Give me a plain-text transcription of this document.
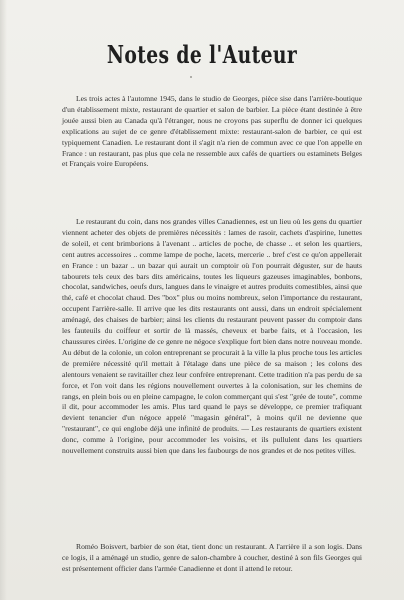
Notes de l'Auteur

Les trois actes à l'automne 1945, dans le studio de Georges, pièce sise dans l'arrière-boutique d'un établissement mixte, restaurant de quartier et salon de barbier. La pièce étant destinée à être jouée aussi bien au Canada qu'à l'étranger, nous ne croyons pas superflu de donner ici quelques explications au sujet de ce genre d'établissement mixte: restaurant-salon de barbier, ce qui est typiquement Canadien. Le restaurant dont il s'agit n'a rien de commun avec ce que l'on appelle en France : un restaurant, pas plus que cela ne ressemble aux cafés de quartiers ou estaminets Belges et Français voire Européens.

Le restaurant du coin, dans nos grandes villes Canadiennes, est un lieu où les gens du quartier viennent acheter des objets de premières nécessités : lames de rasoir, cachets d'aspirine, lunettes de soleil, et cent brimborions à l'avenant .. articles de poche, de chasse .. et selon les quartiers, cent autres accessoires .. comme lampe de poche, lacets, mercerie .. bref c'est ce qu'on appellerait en France : un bazar .. un bazar qui aurait un comptoir où l'on pourrait déguster, sur de hauts tabourets tels ceux des bars dits américains, toutes les liqueurs gazeuses imaginables, bonbons, chocolat, sandwiches, oeufs durs, langues dans le vinaigre et autres produits comestibles, ainsi que thé, café et chocolat chaud. Des "box" plus ou moins nombreux, selon l'importance du restaurant, occupent l'arrière-salle. Il arrive que les dits restaurants ont aussi, dans un endroit spécialement aménagé, des chaises de barbier; ainsi les clients du restaurant peuvent passer du comptoir dans les fauteuils du coiffeur et sortir de là massés, cheveux et barbe faits, et à l'occasion, les chaussures cirées. L'origine de ce genre ne négoce s'explique fort bien dans notre nouveau monde. Au début de la colonie, un colon entreprenant se procurait à la ville la plus proche tous les articles de première nécessité qu'il mettait à l'étalage dans une pièce de sa maison ; les colons des alentours venaient se ravitailler chez leur confrère entreprenant. Cette tradition n'a pas perdu de sa force, et l'on voit dans les régions nouvellement ouvertes à la colonisation, sur les chemins de rangs, en plein bois ou en pleine campagne, le colon commerçant qui s'est "grée de toute", comme il dit, pour accommoder les amis. Plus tard quand le pays se développe, ce premier trafiquant devient tenancier d'un négoce appelé "magasin général", à moins qu'il ne devienne que "restaurant", ce qui englobe déjà une infinité de produits. — Les restaurants de quartiers existent donc, comme à l'origine, pour accommoder les voisins, et ils pullulent dans les quartiers nouvellement construits aussi bien que dans les faubourgs de nos grandes et de nos petites villes.

Roméo Boisvert, barbier de son état, tient donc un restaurant. A l'arrière il a son logis. Dans ce logis, il a aménagé un studio, genre de salon-chambre à coucher, destiné à son fils Georges qui est présentement officier dans l'armée Canadienne et dont il attend le retour.
